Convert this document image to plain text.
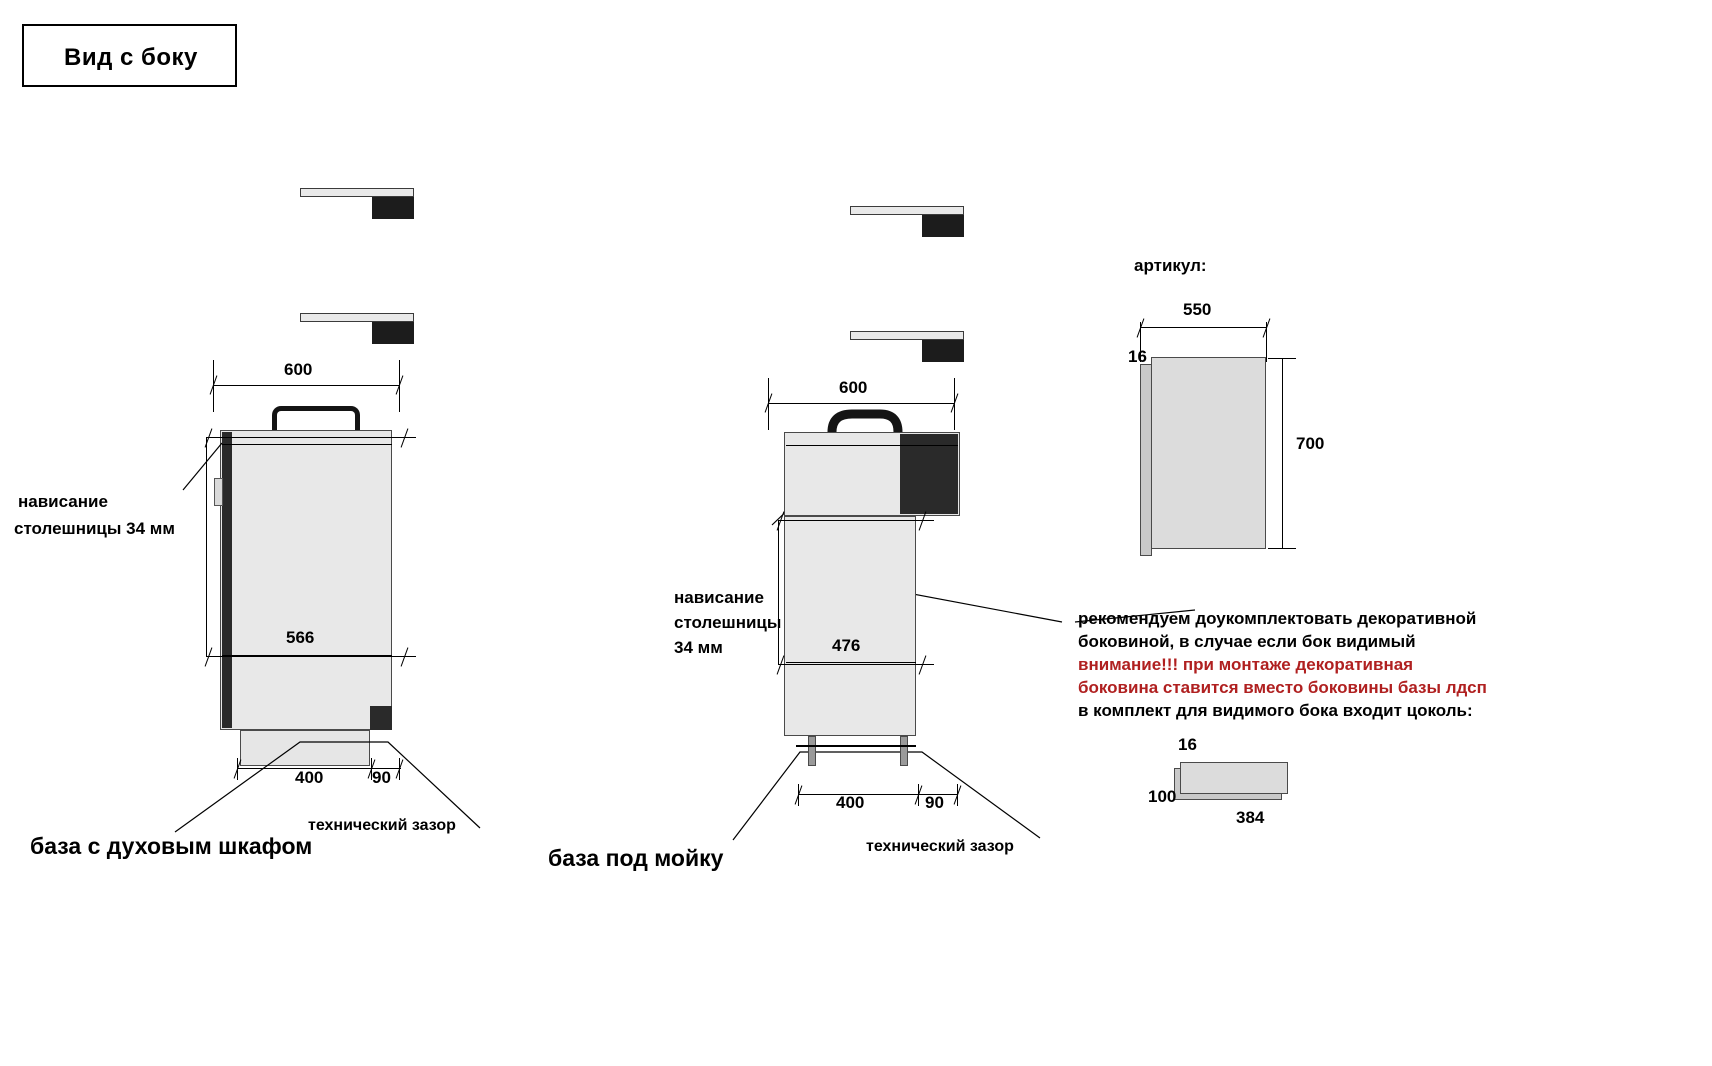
Вид с боку
600
566
400	90
нависание
столешницы 34 мм
технический зазор
база с духовым шкафом
600
476
400	90
нависание
столешницы
34 мм
технический зазор
база под мойку
артикул:
550
16
700
рекомендуем доукомплектовать декоративной
боковиной, в случае если бок видимый
внимание!!! при монтаже декоративная
боковина ставится вместо боковины базы лдсп
в комплект для видимого бока входит цоколь:
16
100
384
